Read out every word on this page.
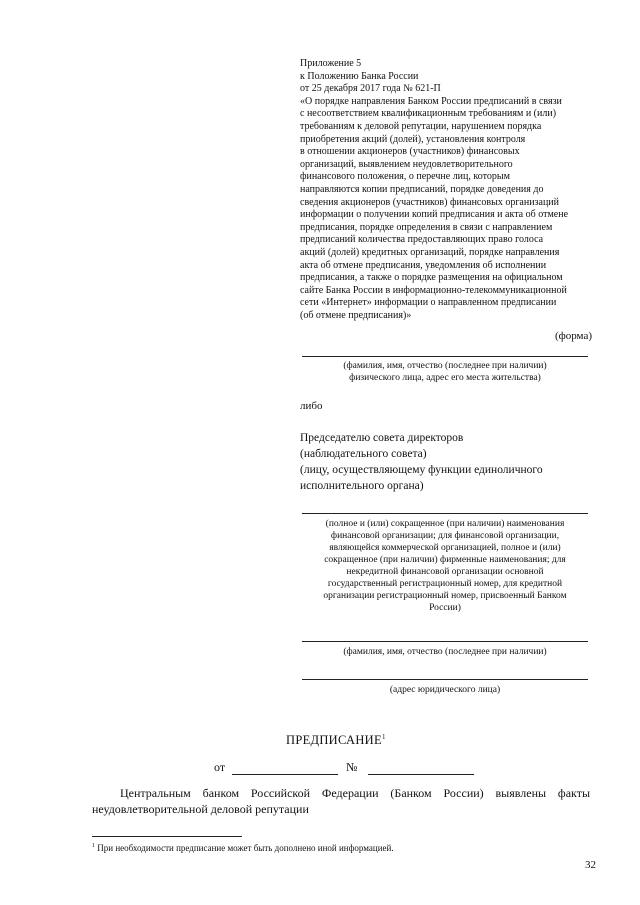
Приложение 5
к Положению Банка России
от 25 декабря 2017 года № 621-П
«О порядке направления Банком России предписаний в связи
с несоответствием квалификационным требованиям и (или)
требованиям к деловой репутации, нарушением порядка
приобретения акций (долей), установления контроля
в отношении акционеров (участников) финансовых
организаций, выявлением неудовлетворительного
финансового положения, о перечне лиц, которым
направляются копии предписаний, порядке доведения до
сведения акционеров (участников) финансовых организаций
информации о получении копий предписания и акта об отмене
предписания, порядке определения в связи с направлением
предписаний количества предоставляющих право голоса
акций (долей) кредитных организаций, порядке направления
акта об отмене предписания, уведомления об исполнении
предписания, а также о порядке размещения на официальном
сайте Банка России в информационно-телекоммуникационной
сети «Интернет» информации о направленном предписании
(об отмене предписания)»
(форма)
(фамилия, имя, отчество (последнее при наличии)
физического лица, адрес его места жительства)
либо
Председателю совета директоров
(наблюдательного совета)
(лицу, осуществляющему функции единоличного
исполнительного органа)
(полное и (или) сокращенное (при наличии) наименования
финансовой организации; для финансовой организации,
являющейся коммерческой организацией, полное и (или)
сокращенное (при наличии) фирменные наименования; для
некредитной финансовой организации основной
государственный регистрационный номер, для кредитной
организации регистрационный номер, присвоенный Банком
России)
(фамилия, имя, отчество (последнее при наличии)
(адрес юридического лица)
ПРЕДПИСАНИЕ$^1$
от	№
Центральным банком Российской Федерации (Банком России) выявлены факты
неудовлетворительной деловой репутации
$^1$ При необходимости предписание может быть дополнено иной информацией.
32
